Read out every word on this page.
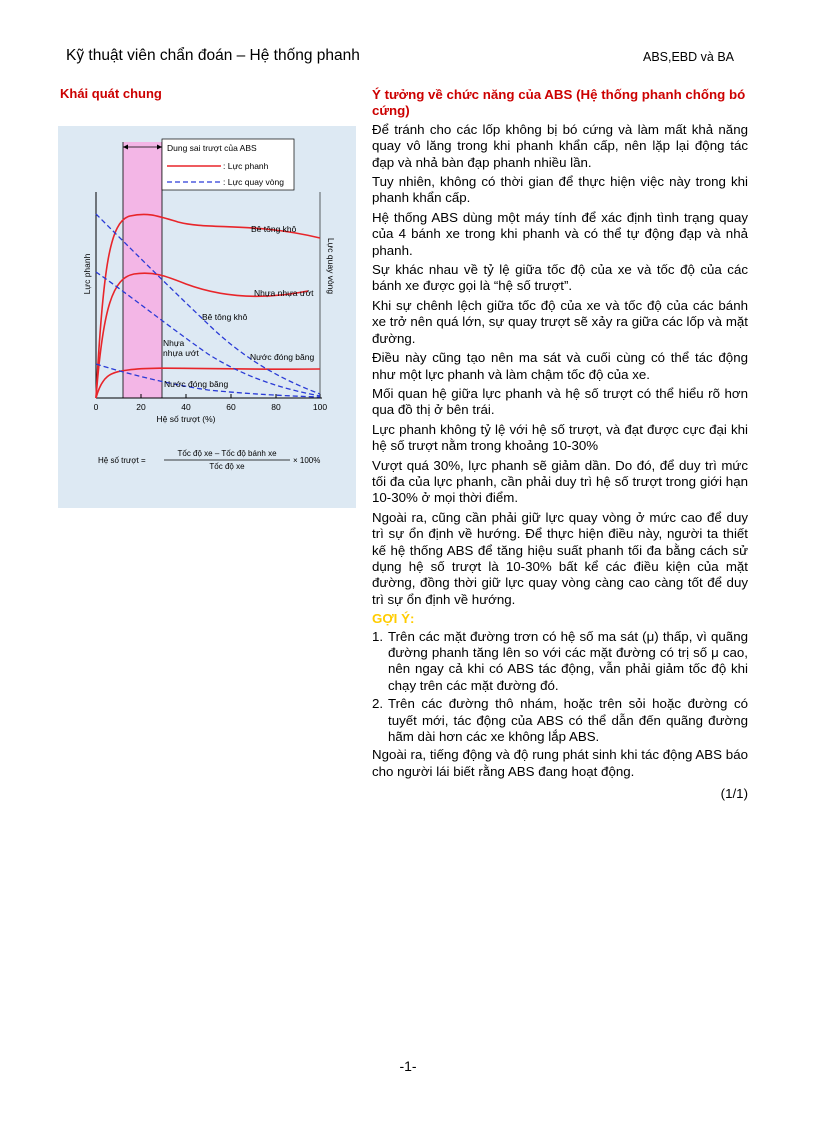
Kỹ thuật viên chẩn đoán – Hệ thống phanh	ABS,EBD và BA
Khái quát chung
Dung sai trượt của ABS
: Lực phanh
: Lực quay vòng
0	20	40	60	80	100
Hệ số trượt (%)
Lực phanh	Lực quay vòng
Bê tông khô
Nhựa nhựa ướt
Bê tông khô
Nhựa
nhựa ướt	Nước đóng băng
Nước đóng băng
Hệ số trượt =
Tốc độ xe – Tốc độ bánh xe
Tốc độ xe
× 100%
Ý tưởng về chức năng của ABS (Hệ thống phanh chống bó cứng)

Để tránh cho các lốp không bị bó cứng và làm mất khả năng quay vô lăng trong khi phanh khẩn cấp, nên lặp lại động tác đạp và nhả bàn đạp phanh nhiều lần.

Tuy nhiên, không có thời gian để thực hiện việc này trong khi phanh khẩn cấp.

Hệ thống ABS dùng một máy tính để xác định tình trạng quay của 4 bánh xe trong khi phanh và có thể tự động đạp và nhả phanh.

Sự khác nhau về tỷ lệ giữa tốc độ của xe và tốc độ của các bánh xe được gọi là “hệ số trượt”.

Khi sự chênh lệch giữa tốc độ của xe và tốc độ của các bánh xe trở nên quá lớn, sự quay trượt sẽ xảy ra giữa các lốp và mặt đường.

Điều này cũng tạo nên ma sát và cuối cùng có thể tác động như một lực phanh và làm chậm tốc độ của xe.

Mối quan hệ giữa lực phanh và hệ số trượt có thể hiểu rõ hơn qua đồ thị ở bên trái.

Lực phanh không tỷ lệ với hệ số trượt, và đạt được cực đại khi hệ số trượt nằm trong khoảng 10-30%

Vượt quá 30%, lực phanh sẽ giảm dần. Do đó, để duy trì mức tối đa của lực phanh, cần phải duy trì hệ số trượt trong giới hạn 10-30% ở mọi thời điểm.

Ngoài ra, cũng cần phải giữ lực quay vòng ở mức cao để duy trì sự ổn định về hướng. Để thực hiện điều này, người ta thiết kế hệ thống ABS để tăng hiệu suất phanh tối đa bằng cách sử dụng hệ số trượt là 10-30% bất kể các điều kiện của mặt đường, đồng thời giữ lực quay vòng càng cao càng tốt để duy trì sự ổn định về hướng.

GỢI Ý:
1. Trên các mặt đường trơn có hệ số ma sát (μ) thấp, vì quãng đường phanh tăng lên so với các mặt đường có trị số μ cao, nên ngay cả khi có ABS tác động, vẫn phải giảm tốc độ khi chạy trên các mặt đường đó.
2. Trên các đường thô nhám, hoặc trên sỏi hoặc đường có tuyết mới, tác động của ABS có thể dẫn đến quãng đường hãm dài hơn các xe không lắp ABS.

Ngoài ra, tiếng động và độ rung phát sinh khi tác động ABS báo cho người lái biết rằng ABS đang hoạt động.

(1/1)
-1-
